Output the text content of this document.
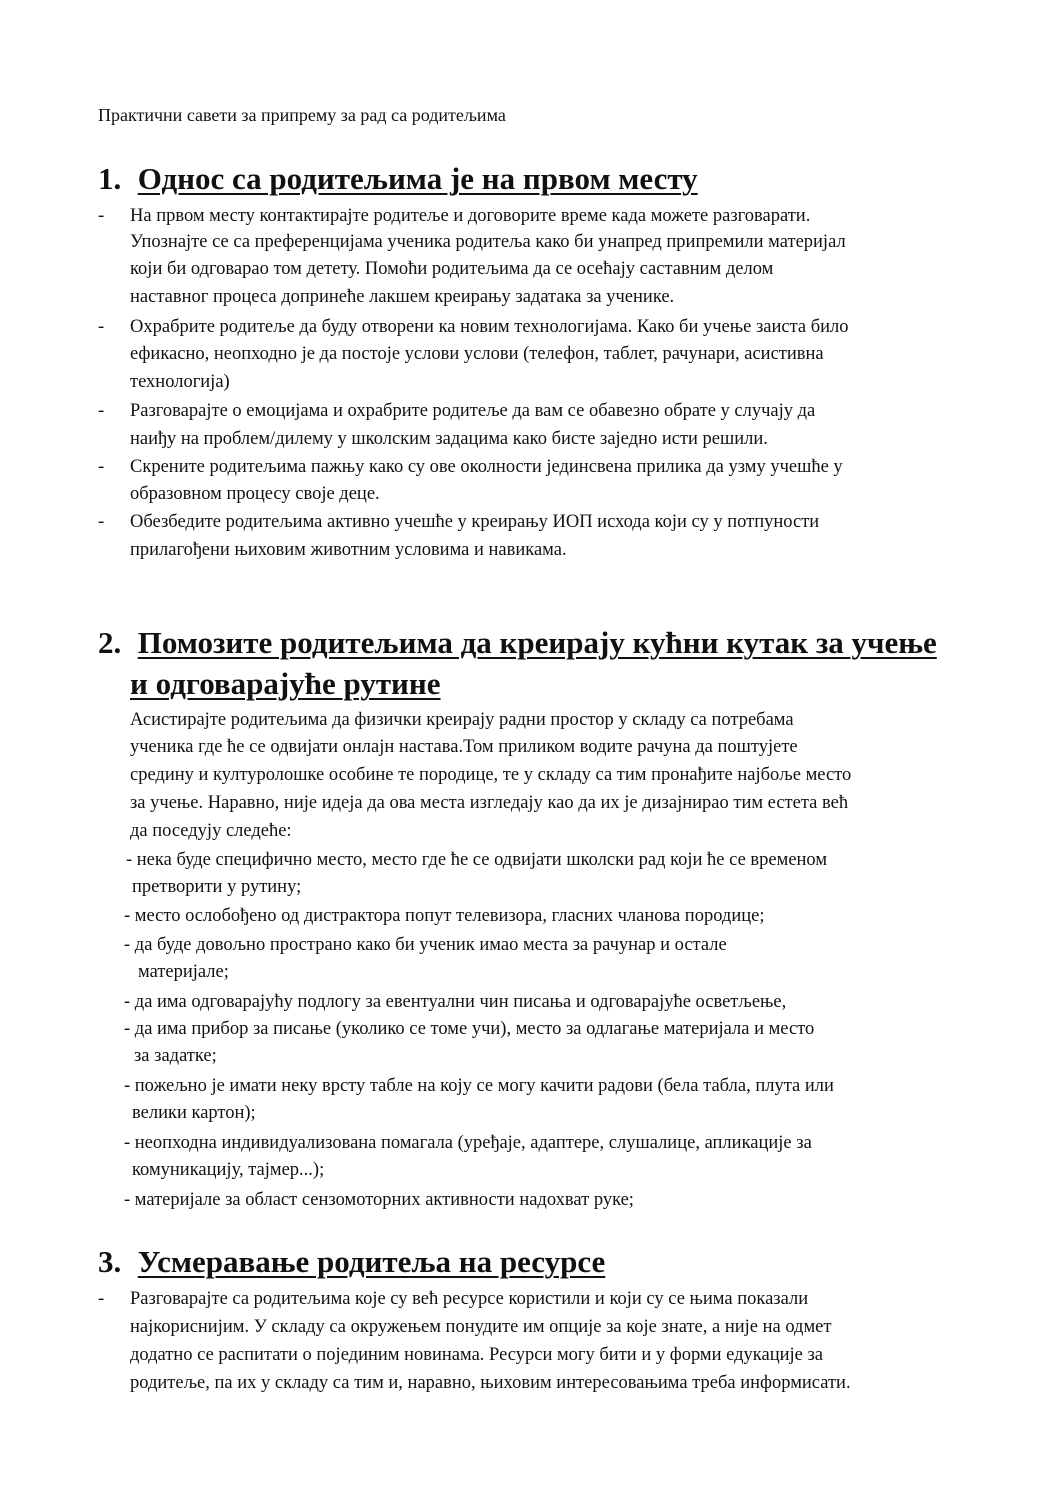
Практични савети за припрему за рад са родитељима
1. Однос са родитељима је на првом месту
- На првом месту контактирајте родитеље и договорите време када можете разговарати.
Упознајте се са преференцијама ученика родитеља како би унапред припремили материјал
који би одговарао том детету. Помоћи родитељима да се осећају саставним делом
наставног процеса допринеће лакшем креирању задатака за ученике.
- Охрабрите родитеље да буду отворени ка новим технологијама. Како би учење заиста било
ефикасно, неопходно је да постоје услови услови (телефон, таблет, рачунари, асистивна
технологија)
- Разговарајте о емоцијама и охрабрите родитеље да вам се обавезно обрате у случају да
наиђу на проблем/дилему у школским задацима како бисте заједно исти решили.
- Скрените родитељима пажњу како су ове околности јединсвена прилика да узму учешће у
образовном процесу своје деце.
- Обезбедите родитељима активно учешће у креирању ИОП исхода који су у потпуности
прилагођени њиховим животним условима и навикама.
2. Помозите родитељима да креирају кућни кутак за учење
и одговарајуће рутине
Асистирајте родитељима да физички креирају радни простор у складу са потребама
ученика где ће се одвијати онлајн настава.Том приликом водите рачуна да поштујете
средину и културолошке особине те породице, те у складу са тим пронађите најбоље место
за учење. Наравно, није идеја да ова места изгледају као да их је дизајнирао тим естета већ
да поседују следеће:
- нека буде специфично место, место где ће се одвијати школски рад који ће се временом
претворити у рутину;
- место ослобођено од дистрактора попут телевизора, гласних чланова породице;
- да буде довољно пространo како би ученик имао места за рачунар и остале
материјале;
- да има одговарајућу подлогу за евентуални чин писања и одговарајуће осветљење,
- да има прибор за писање (уколико се томе учи), место за одлагање материјала и место
за задатке;
- пожељно је имати неку врсту табле на коју се могу качити радови (бела табла, плута или
велики картон);
- неопходна индивидуализована помагала (уређаје, адаптере, слушалице, апликације за
комуникацију, тајмер...);
- материјале за област сензомоторних активности надохват руке;
3. Усмеравање родитеља на ресурсе
- Разговарајте са родитељима које су већ ресурсе користили и који су се њима показали
најкориснијим. У складу са окружењем понудите им опције за које знате, а није на одмет
додатно се распитати о појединим новинама. Ресурси могу бити и у форми едукације за
родитеље, па их у складу са тим и, наравно, њиховим интересовањима треба информисати.
